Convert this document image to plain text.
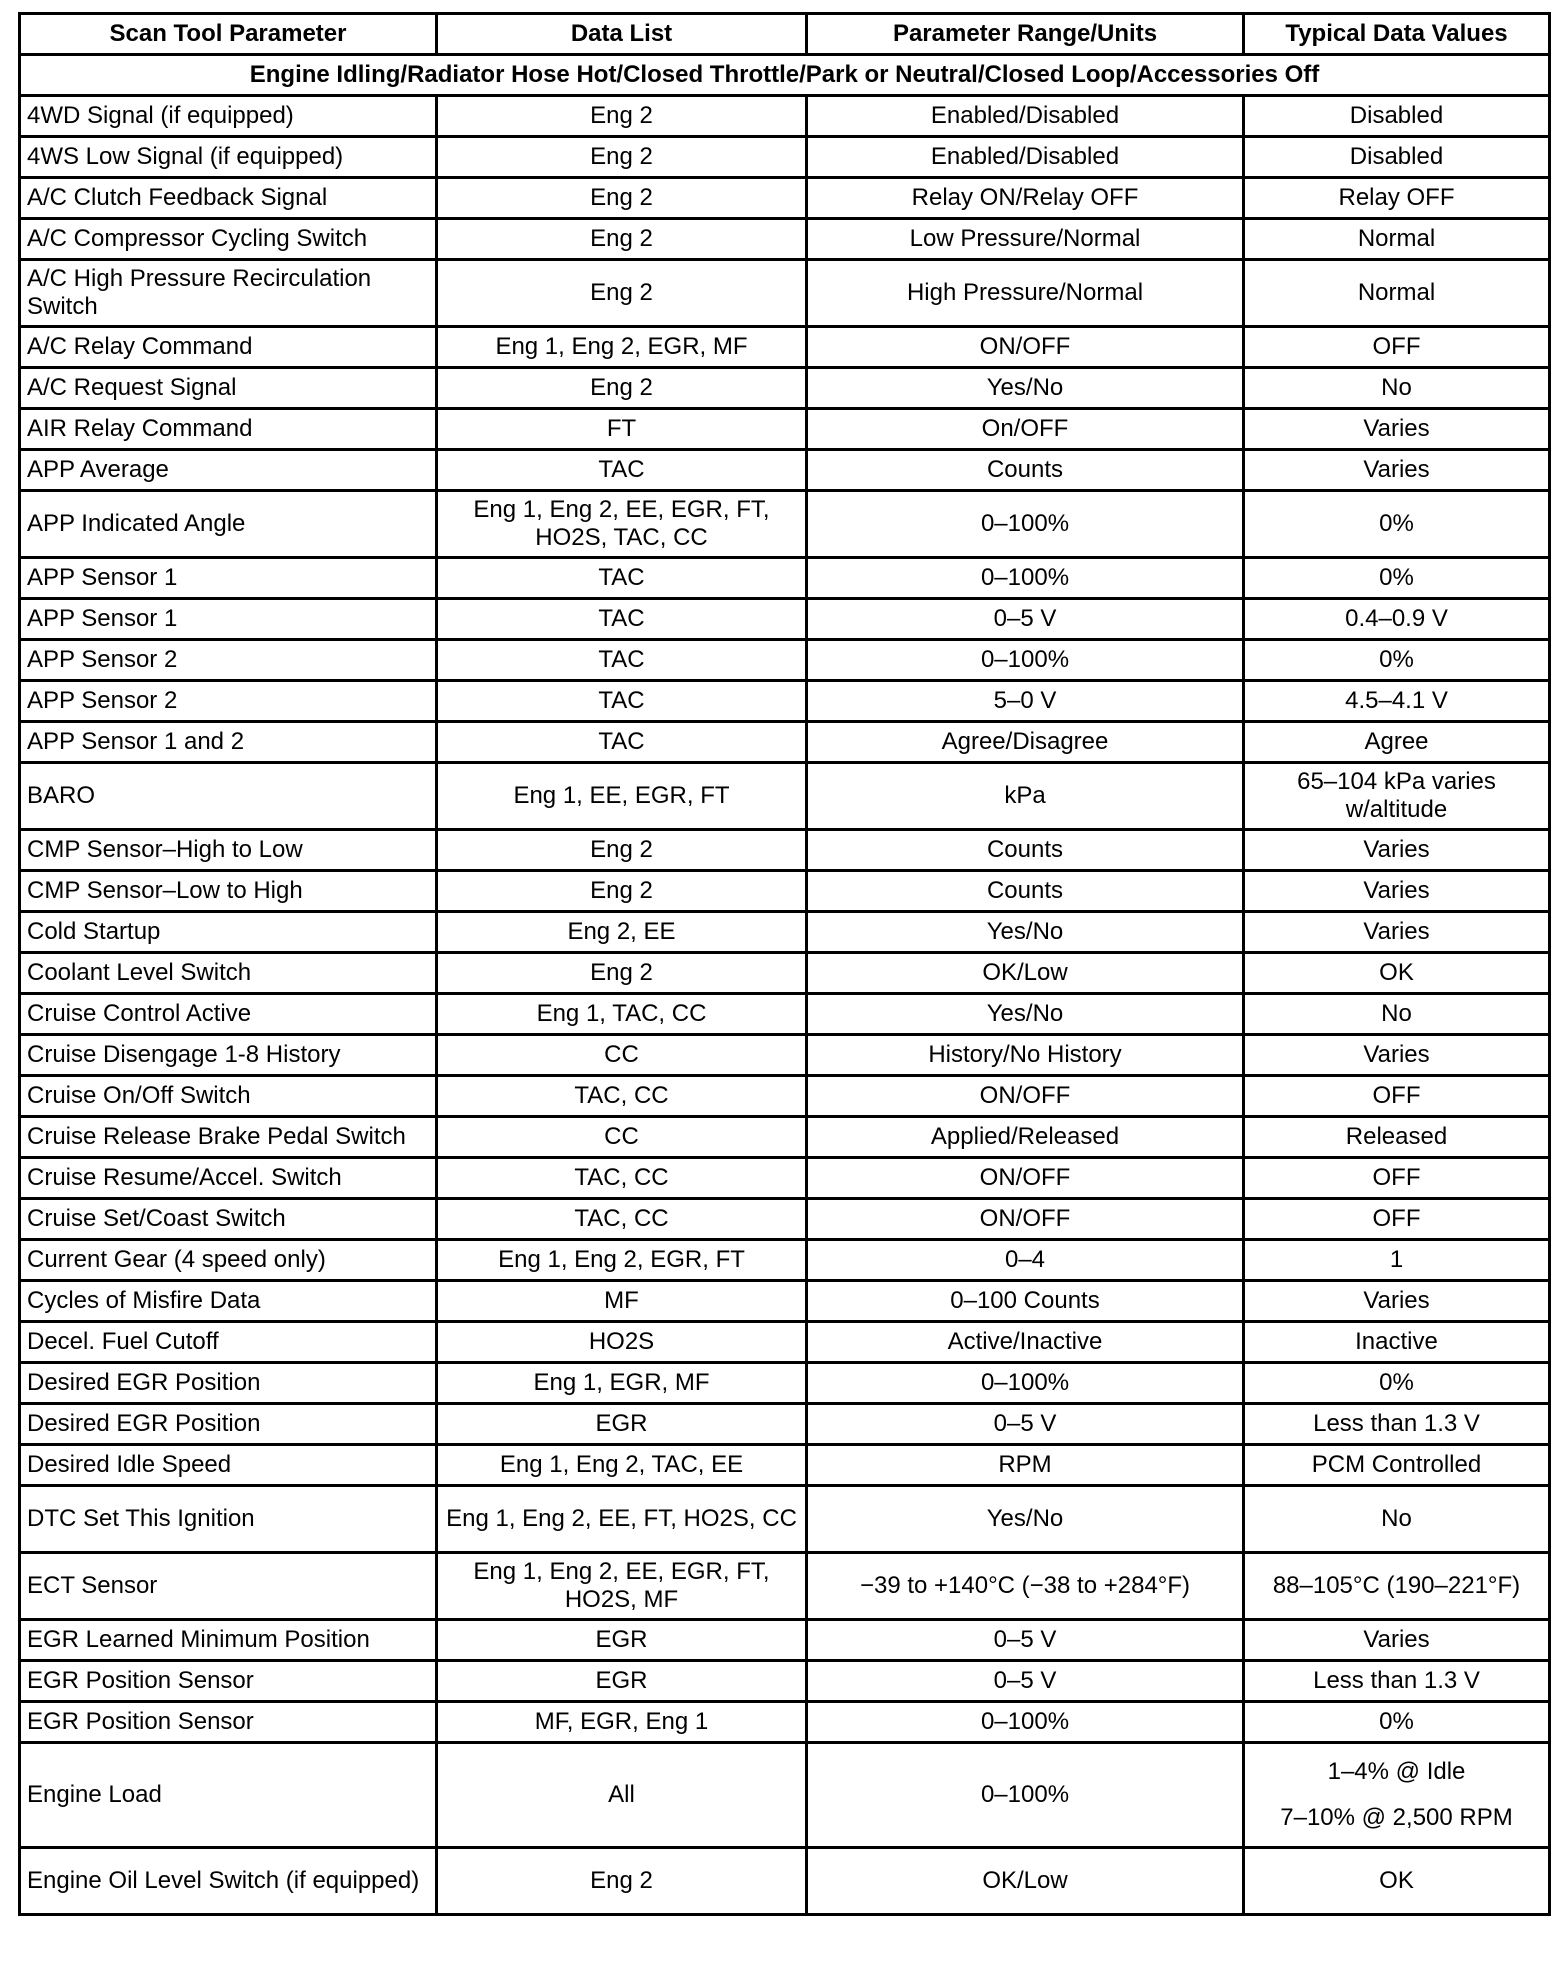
Scan Tool Parameter	Data List	Parameter Range/Units	Typical Data Values
Engine Idling/Radiator Hose Hot/Closed Throttle/Park or Neutral/Closed Loop/Accessories Off			
4WD Signal (if equipped)	Eng 2	Enabled/Disabled	Disabled
4WS Low Signal (if equipped)	Eng 2	Enabled/Disabled	Disabled
A/C Clutch Feedback Signal	Eng 2	Relay ON/Relay OFF	Relay OFF
A/C Compressor Cycling Switch	Eng 2	Low Pressure/Normal	Normal
A/C High Pressure Recirculation Switch	Eng 2	High Pressure/Normal	Normal
A/C Relay Command	Eng 1, Eng 2, EGR, MF	ON/OFF	OFF
A/C Request Signal	Eng 2	Yes/No	No
AIR Relay Command	FT	On/OFF	Varies
APP Average	TAC	Counts	Varies
APP Indicated Angle	Eng 1, Eng 2, EE, EGR, FT, HO2S, TAC, CC	0–100%	0%
APP Sensor 1	TAC	0–100%	0%
APP Sensor 1	TAC	0–5 V	0.4–0.9 V
APP Sensor 2	TAC	0–100%	0%
APP Sensor 2	TAC	5–0 V	4.5–4.1 V
APP Sensor 1 and 2	TAC	Agree/Disagree	Agree
BARO	Eng 1, EE, EGR, FT	kPa	65–104 kPa varies w/altitude
CMP Sensor–High to Low	Eng 2	Counts	Varies
CMP Sensor–Low to High	Eng 2	Counts	Varies
Cold Startup	Eng 2, EE	Yes/No	Varies
Coolant Level Switch	Eng 2	OK/Low	OK
Cruise Control Active	Eng 1, TAC, CC	Yes/No	No
Cruise Disengage 1-8 History	CC	History/No History	Varies
Cruise On/Off Switch	TAC, CC	ON/OFF	OFF
Cruise Release Brake Pedal Switch	CC	Applied/Released	Released
Cruise Resume/Accel. Switch	TAC, CC	ON/OFF	OFF
Cruise Set/Coast Switch	TAC, CC	ON/OFF	OFF
Current Gear (4 speed only)	Eng 1, Eng 2, EGR, FT	0–4	1
Cycles of Misfire Data	MF	0–100 Counts	Varies
Decel. Fuel Cutoff	HO2S	Active/Inactive	Inactive
Desired EGR Position	Eng 1, EGR, MF	0–100%	0%
Desired EGR Position	EGR	0–5 V	Less than 1.3 V
Desired Idle Speed	Eng 1, Eng 2, TAC, EE	RPM	PCM Controlled
DTC Set This Ignition	Eng 1, Eng 2, EE, FT, HO2S, CC	Yes/No	No
ECT Sensor	Eng 1, Eng 2, EE, EGR, FT, HO2S, MF	−39 to +140°C (−38 to +284°F)	88–105°C (190–221°F)
EGR Learned Minimum Position	EGR	0–5 V	Varies
EGR Position Sensor	EGR	0–5 V	Less than 1.3 V
EGR Position Sensor	MF, EGR, Eng 1	0–100%	0%
Engine Load	All	0–100%	1–4% @ Idle
7–10% @ 2,500 RPM
Engine Oil Level Switch (if equipped)	Eng 2	OK/Low	OK
